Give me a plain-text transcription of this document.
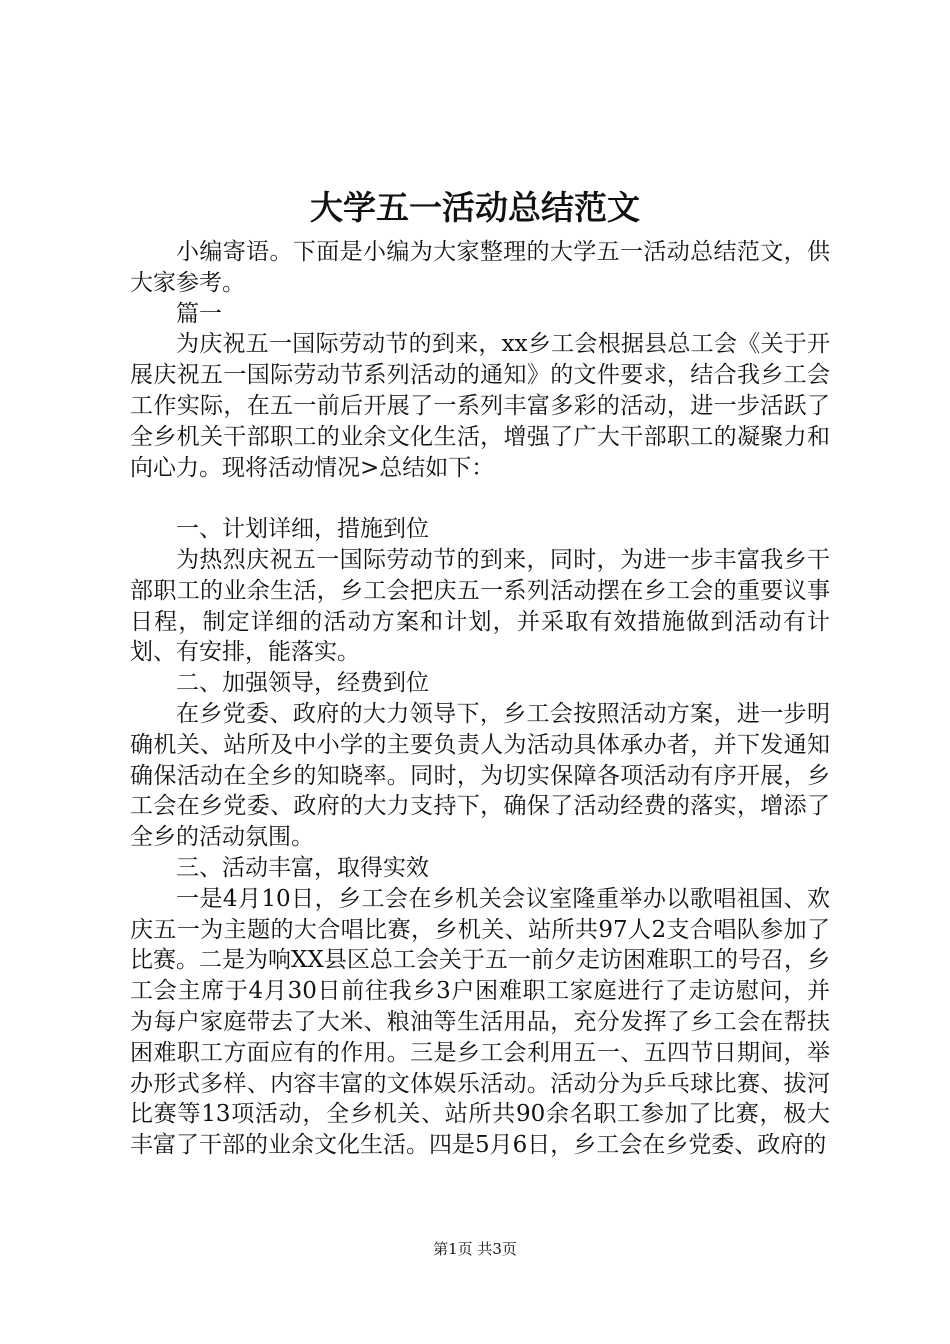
大学五一活动总结范文

小编寄语。下面是小编为大家整理的大学五一活动总结范文，供大家参考。

篇一

为庆祝五一国际劳动节的到来，xx乡工会根据县总工会《关于开展庆祝五一国际劳动节系列活动的通知》的文件要求，结合我乡工会工作实际，在五一前后开展了一系列丰富多彩的活动，进一步活跃了全乡机关干部职工的业余文化生活，增强了广大干部职工的凝聚力和向心力。现将活动情况>总结如下：

一、计划详细，措施到位

为热烈庆祝五一国际劳动节的到来，同时，为进一步丰富我乡干部职工的业余生活，乡工会把庆五一系列活动摆在乡工会的重要议事日程，制定详细的活动方案和计划，并采取有效措施做到活动有计划、有安排，能落实。

二、加强领导，经费到位

在乡党委、政府的大力领导下，乡工会按照活动方案，进一步明确机关、站所及中小学的主要负责人为活动具体承办者，并下发通知确保活动在全乡的知晓率。同时，为切实保障各项活动有序开展，乡工会在乡党委、政府的大力支持下，确保了活动经费的落实，增添了全乡的活动氛围。

三、活动丰富，取得实效

一是4月10日，乡工会在乡机关会议室隆重举办以歌唱祖国、欢庆五一为主题的大合唱比赛，乡机关、站所共97人2支合唱队参加了比赛。二是为响XX县区总工会关于五一前夕走访困难职工的号召，乡工会主席于4月30日前往我乡3户困难职工家庭进行了走访慰问，并为每户家庭带去了大米、粮油等生活用品，充分发挥了乡工会在帮扶困难职工方面应有的作用。三是乡工会利用五一、五四节日期间，举办形式多样、内容丰富的文体娱乐活动。活动分为乒乓球比赛、拔河比赛等13项活动，全乡机关、站所共90余名职工参加了比赛，极大丰富了干部的业余文化生活。四是5月6日，乡工会在乡党委、政府的

第1页 共3页
